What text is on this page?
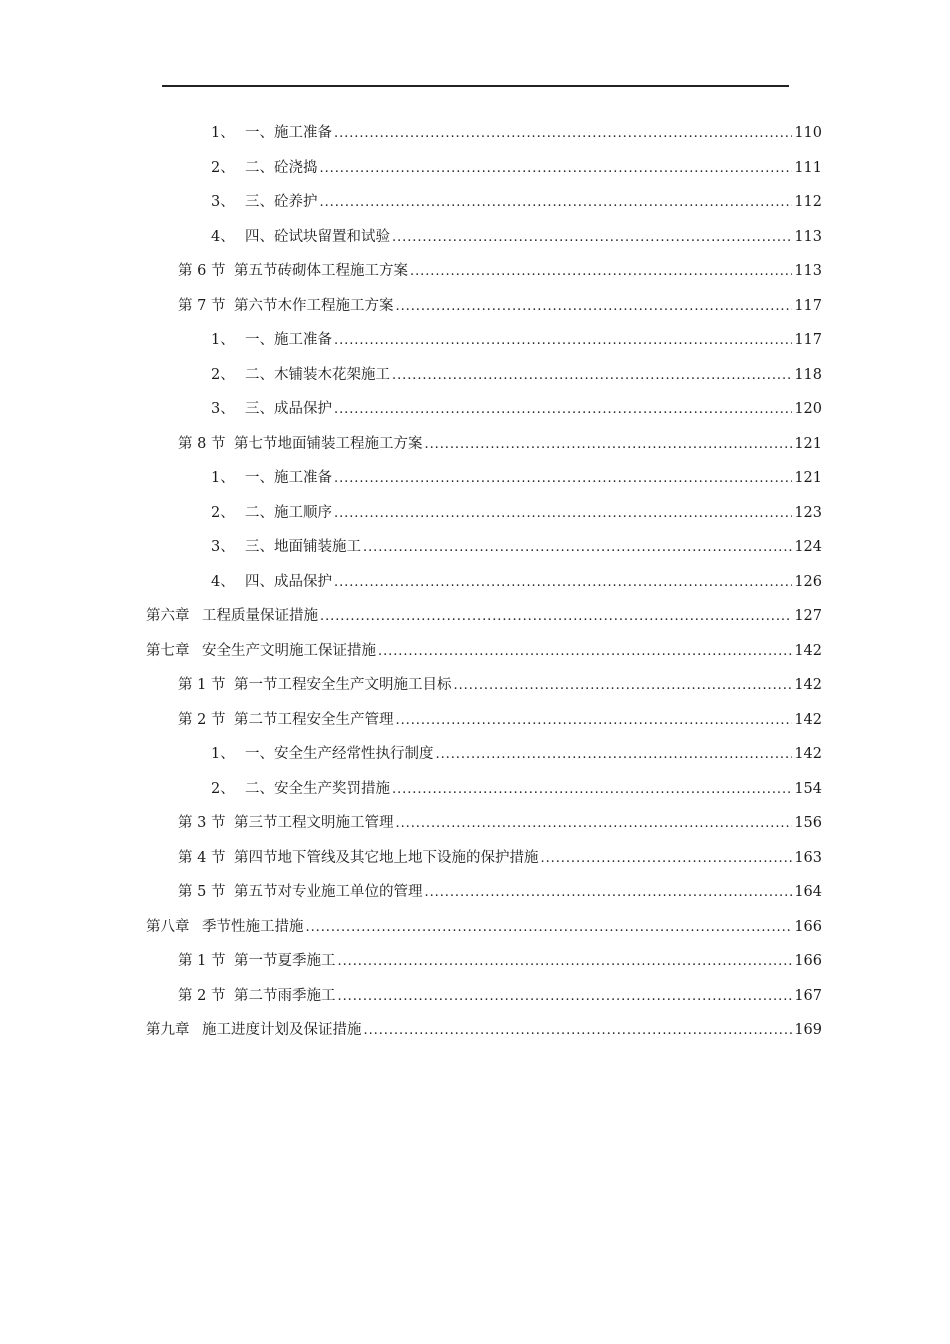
1、 一、施工准备 . . .	110
2、 二、砼浇捣 . . .	111
3、 三、砼养护 . . .	112
4、 四、砼试块留置和试验 . . .	113
第 6 节 第五节砖砌体工程施工方案 . . .	113
第 7 节 第六节木作工程施工方案 . . .	117
1、 一、施工准备 . . .	117
2、 二、木铺装木花架施工 . . .	118
3、 三、成品保护 . . .	120
第 8 节 第七节地面铺装工程施工方案 . . .	121
1、 一、施工准备 . . .	121
2、 二、施工顺序 . . .	123
3、 三、地面铺装施工 . . .	124
4、 四、成品保护 . . .	126
第六章 工程质量保证措施 . . .	127
第七章 安全生产文明施工保证措施 . . .	142
第 1 节 第一节工程安全生产文明施工目标 . . .	142
第 2 节 第二节工程安全生产管理 . . .	142
1、 一、安全生产经常性执行制度 . . .	142
2、 二、安全生产奖罚措施 . . .	154
第 3 节 第三节工程文明施工管理 . . .	156
第 4 节 第四节地下管线及其它地上地下设施的保护措施 . . .	163
第 5 节 第五节对专业施工单位的管理 . . .	164
第八章 季节性施工措施 . . .	166
第 1 节 第一节夏季施工 . . .	166
第 2 节 第二节雨季施工 . . .	167
第九章 施工进度计划及保证措施 . . .	169
